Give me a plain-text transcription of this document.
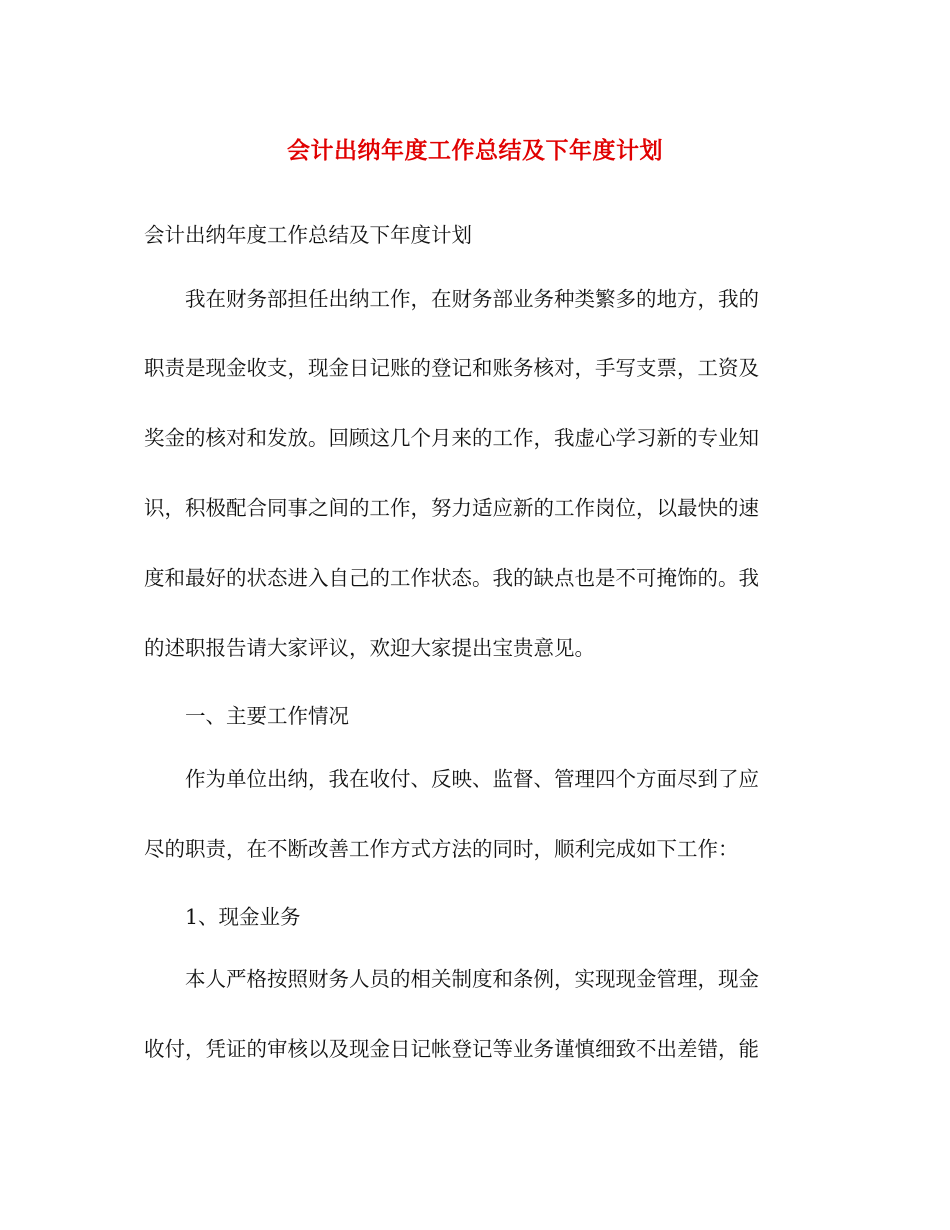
会计出纳年度工作总结及下年度计划
会计出纳年度工作总结及下年度计划
我在财务部担任出纳工作，在财务部业务种类繁多的地方，我的
职责是现金收支，现金日记账的登记和账务核对，手写支票，工资及
奖金的核对和发放。回顾这几个月来的工作，我虚心学习新的专业知
识，积极配合同事之间的工作，努力适应新的工作岗位，以最快的速
度和最好的状态进入自己的工作状态。我的缺点也是不可掩饰的。我
的述职报告请大家评议，欢迎大家提出宝贵意见。
一、主要工作情况
作为单位出纳，我在收付、反映、监督、管理四个方面尽到了应
尽的职责，在不断改善工作方式方法的同时，顺利完成如下工作：
1、现金业务
本人严格按照财务人员的相关制度和条例，实现现金管理，现金
收付，凭证的审核以及现金日记帐登记等业务谨慎细致不出差错，能
